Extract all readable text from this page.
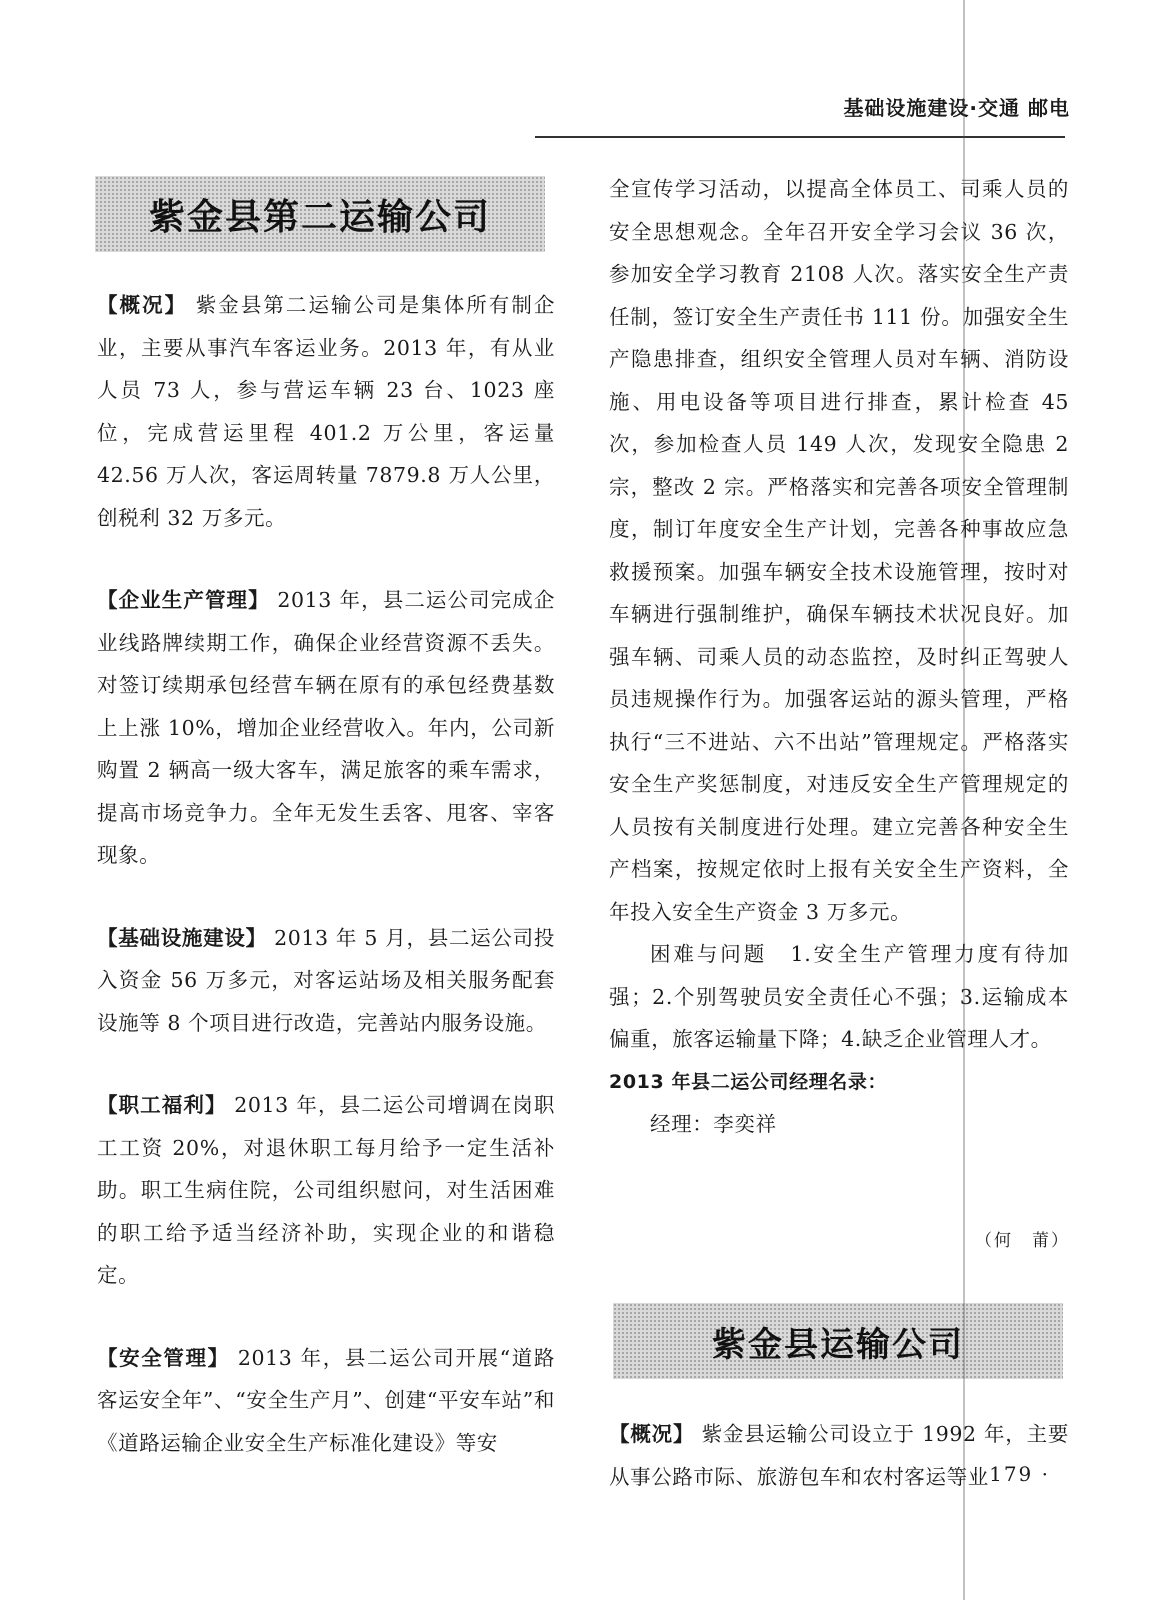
基础设施建设·交通 邮电
紫金县第二运输公司

【概况】 紫金县第二运输公司是集体所有制企业，主要从事汽车客运业务。2013 年，有从业人员 73 人，参与营运车辆 23 台、1023 座位，完成营运里程 401.2 万公里，客运量 42.56 万人次，客运周转量 7879.8 万人公里，创税利 32 万多元。

【企业生产管理】 2013 年，县二运公司完成企业线路牌续期工作，确保企业经营资源不丢失。对签订续期承包经营车辆在原有的承包经费基数上上涨 10%，增加企业经营收入。年内，公司新购置 2 辆高一级大客车，满足旅客的乘车需求，提高市场竞争力。全年无发生丢客、甩客、宰客现象。

【基础设施建设】 2013 年 5 月，县二运公司投入资金 56 万多元，对客运站场及相关服务配套设施等 8 个项目进行改造，完善站内服务设施。

【职工福利】 2013 年，县二运公司增调在岗职工工资 20%，对退休职工每月给予一定生活补助。职工生病住院，公司组织慰问，对生活困难的职工给予适当经济补助，实现企业的和谐稳定。

【安全管理】 2013 年，县二运公司开展“道路客运安全年”、“安全生产月”、创建“平安车站”和《道路运输企业安全生产标准化建设》等安

全宣传学习活动，以提高全体员工、司乘人员的安全思想观念。全年召开安全学习会议 36 次，参加安全学习教育 2108 人次。落实安全生产责任制，签订安全生产责任书 111 份。加强安全生产隐患排查，组织安全管理人员对车辆、消防设施、用电设备等项目进行排查，累计检查 45 次，参加检查人员 149 人次，发现安全隐患 2 宗，整改 2 宗。严格落实和完善各项安全管理制度，制订年度安全生产计划，完善各种事故应急救援预案。加强车辆安全技术设施管理，按时对车辆进行强制维护，确保车辆技术状况良好。加强车辆、司乘人员的动态监控，及时纠正驾驶人员违规操作行为。加强客运站的源头管理，严格执行“三不进站、六不出站”管理规定。严格落实安全生产奖惩制度，对违反安全生产管理规定的人员按有关制度进行处理。建立完善各种安全生产档案，按规定依时上报有关安全生产资料，全年投入安全生产资金 3 万多元。

困难与问题　1.安全生产管理力度有待加强；2.个别驾驶员安全责任心不强；3.运输成本偏重，旅客运输量下降；4.缺乏企业管理人才。

2013 年县二运公司经理名录：

经理：李奕祥

（何　莆）
紫金县运输公司

【概况】 紫金县运输公司设立于 1992 年，主要从事公路市际、旅游包车和农村客运等业

· 179 ·
